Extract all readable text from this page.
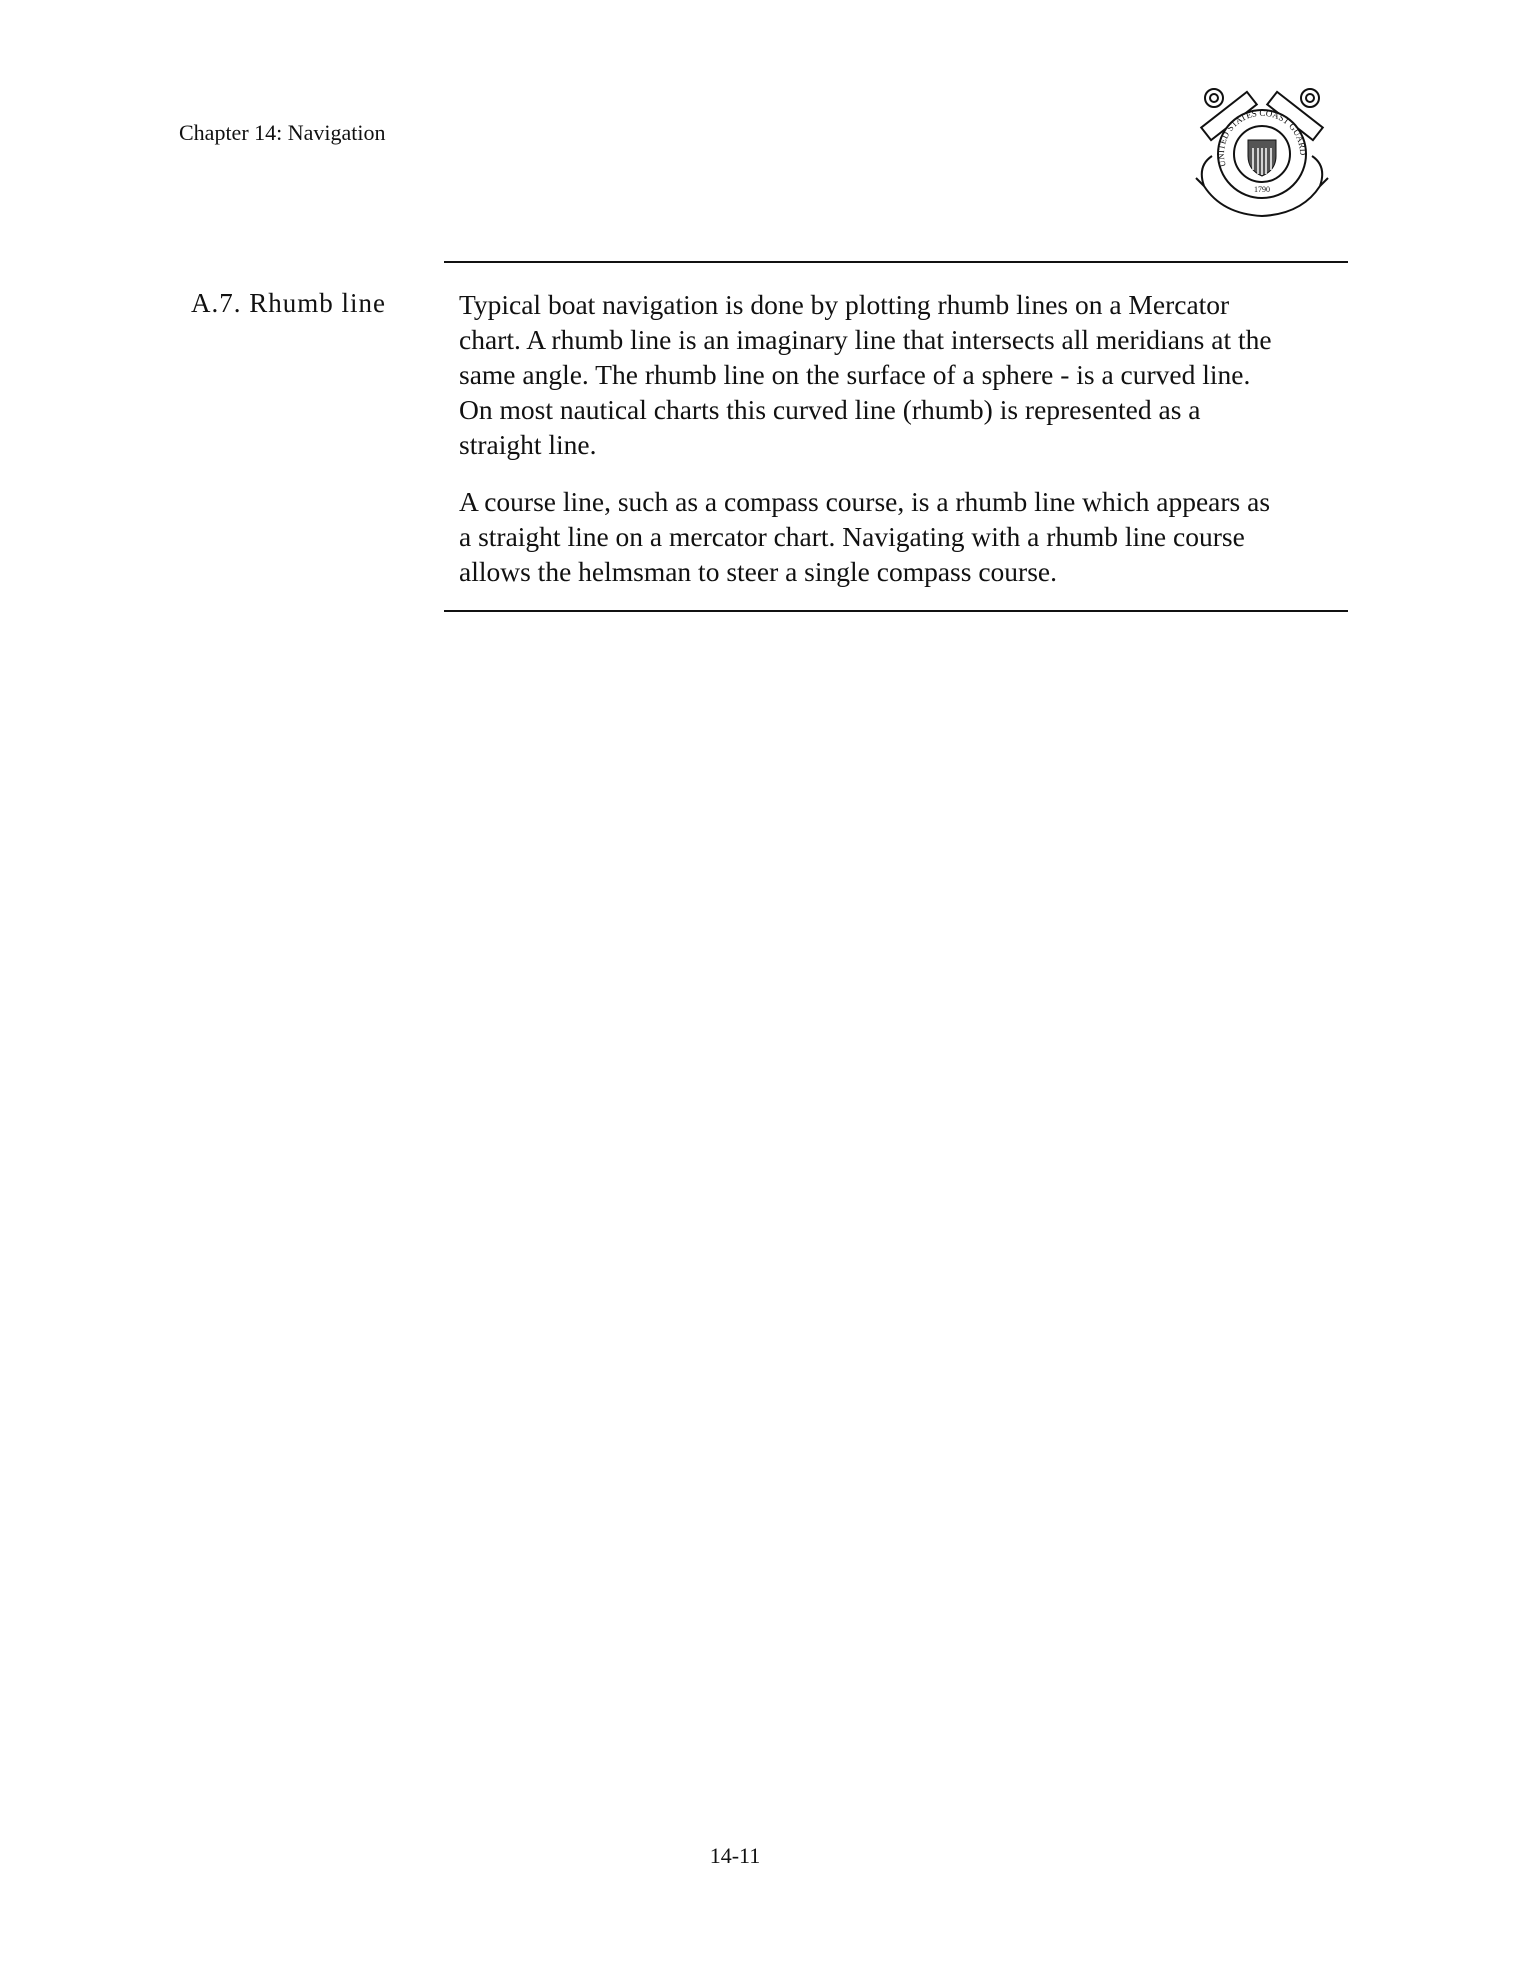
Chapter 14: Navigation
UNITED STATES COAST GUARD
1790
A.7. Rhumb line	Typical boat navigation is done by plotting rhumb lines on a Mercator
chart. A rhumb line is an imaginary line that intersects all meridians at the
same angle. The rhumb line on the surface of a sphere - is a curved line.
On most nautical charts this curved line (rhumb) is represented as a
straight line.

A course line, such as a compass course, is a rhumb line which appears as
a straight line on a mercator chart. Navigating with a rhumb line course
allows the helmsman to steer a single compass course.

14-11
